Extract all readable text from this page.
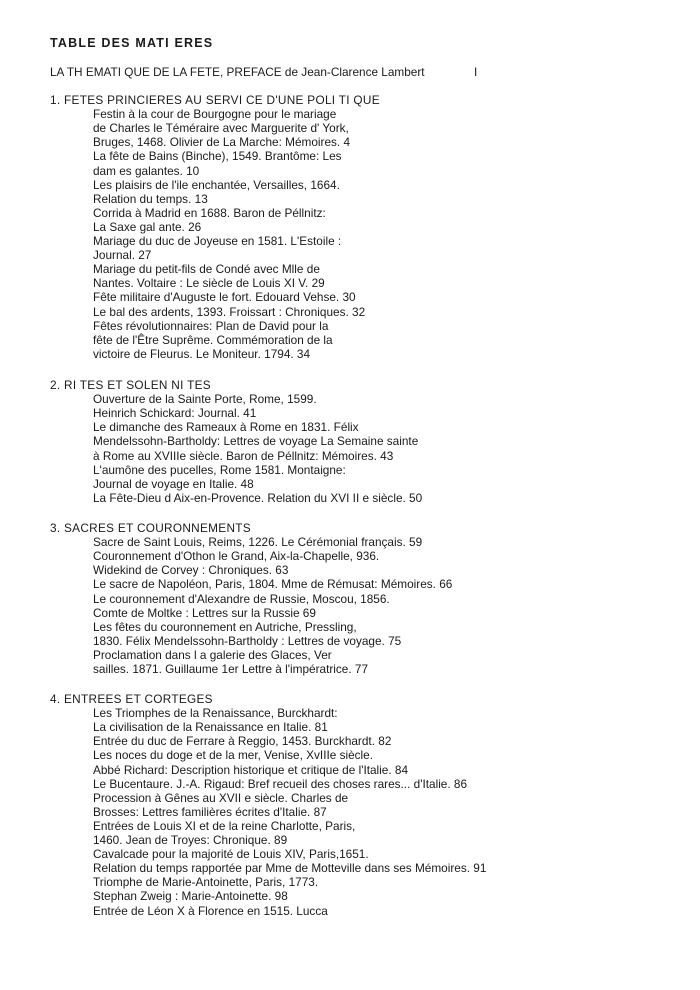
TABLE DES MATI ERES
LA TH EMATI QUE DE LA FETE, PREFACE de Jean-Clarence Lambert	I
1. FETES PRINCIERES AU SERVI CE D'UNE POLI TI QUE
Festin à la cour de Bourgogne pour le mariage
de Charles le Téméraire avec Marguerite d' York,
Bruges, 1468. Olivier de La Marche: Mémoires. 4
La fête de Bains (Binche), 1549. Brantôme: Les
dam es galantes. 10
Les plaisirs de l'ile enchantée, Versailles, 1664.
Relation du temps. 13
Corrida à Madrid en 1688. Baron de Péllnitz:
La Saxe gal ante. 26
Mariage du duc de Joyeuse en 1581. L'Estoile :
Journal. 27
Mariage du petit-fils de Condé avec Mlle de
Nantes. Voltaire : Le siècle de Louis XI V. 29
Fête militaire d'Auguste le fort. Edouard Vehse. 30
Le bal des ardents, 1393. Froissart : Chroniques. 32
Fêtes révolutionnaires: Plan de David pour la
fête de l'Être Suprême. Commémoration de la
victoire de Fleurus. Le Moniteur. 1794. 34
2. RI TES ET SOLEN NI TES
Ouverture de la Sainte Porte, Rome, 1599.
Heinrich Schickard: Journal. 41
Le dimanche des Rameaux à Rome en 1831. Félix
Mendelssohn-Bartholdy: Lettres de voyage La Semaine sainte
à Rome au XVIIIe siècle. Baron de Péllnitz: Mémoires. 43
L'aumône des pucelles, Rome 1581. Montaigne:
Journal de voyage en Italie. 48
La Fête-Dieu d Aix-en-Provence. Relation du XVI II e siècle. 50
3. SACRES ET COURONNEMENTS
Sacre de Saint Louis, Reims, 1226. Le Cérémonial français. 59
Couronnement d'Othon le Grand, Aix-la-Chapelle, 936.
Widekind de Corvey : Chroniques. 63
Le sacre de Napoléon, Paris, 1804. Mme de Rémusat: Mémoires. 66
Le couronnement d'Alexandre de Russie, Moscou, 1856.
Comte de Moltke : Lettres sur la Russie 69
Les fêtes du couronnement en Autriche, Pressling,
1830. Félix Mendelssohn-Bartholdy : Lettres de voyage. 75
Proclamation dans l a galerie des Glaces, Ver
sailles. 1871. Guillaume 1er Lettre à l'impératrice. 77
4. ENTREES ET CORTEGES
Les Triomphes de la Renaissance, Burckhardt:
La civilisation de la Renaissance en Italie. 81
Entrée du duc de Ferrare à Reggio, 1453. Burckhardt. 82
Les noces du doge et de la mer, Venise, XvIIIe siècle.
Abbé Richard: Description historique et critique de l'Italie. 84
Le Bucentaure. J.-A. Rigaud: Bref recueil des choses rares... d'Italie. 86
Procession à Gênes au XVII e siècle. Charles de
Brosses: Lettres familières écrites d'Italie. 87
Entrées de Louis XI et de la reine Charlotte, Paris,
1460. Jean de Troyes: Chronique. 89
Cavalcade pour la majorité de Louis XIV, Paris,1651.
Relation du temps rapportée par Mme de Motteville dans ses Mémoires. 91
Triomphe de Marie-Antoinette, Paris, 1773.
Stephan Zweig : Marie-Antoinette. 98
Entrée de Léon X à Florence en 1515. Lucca
